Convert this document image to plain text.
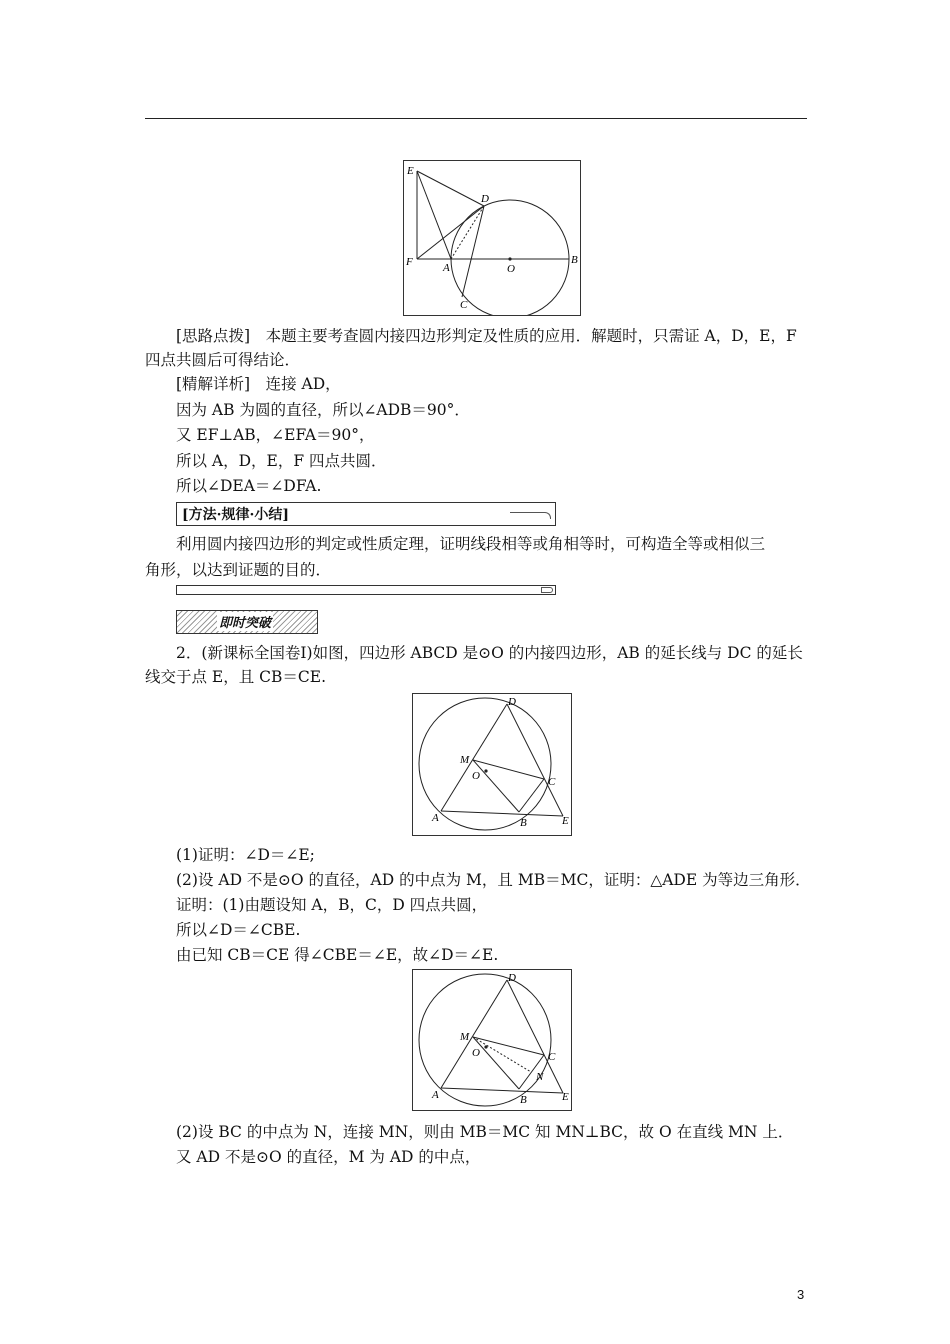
E
D
F	A	O
B
C
[思路点拨]　本题主要考查圆内接四边形判定及性质的应用．解题时，只需证 A，D，E，F
四点共圆后可得结论．
[精解详析]　连接 AD，
因为 AB 为圆的直径，所以∠ADB＝90°．
又 EF⊥AB，∠EFA＝90°，
所以 A，D，E，F 四点共圆．
所以∠DEA＝∠DFA.
[方法·规律·小结]
利用圆内接四边形的判定或性质定理，证明线段相等或角相等时，可构造全等或相似三
角形，以达到证题的目的．
即时突破
2．(新课标全国卷Ⅰ)如图，四边形 ABCD 是⊙O 的内接四边形，AB 的延长线与 DC 的延长
线交于点 E，且 CB＝CE.
D
M
O	C
A	B	E
(1)证明：∠D＝∠E;
(2)设 AD 不是⊙O 的直径，AD 的中点为 M，且 MB＝MC，证明：△ADE 为等边三角形．
证明：(1)由题设知 A，B，C，D 四点共圆，
所以∠D＝∠CBE.
由已知 CB＝CE 得∠CBE＝∠E，故∠D＝∠E.
D
M
O	C
N
A	B	E
(2)设 BC 的中点为 N，连接 MN，则由 MB＝MC 知 MN⊥BC，故 O 在直线 MN 上．
又 AD 不是⊙O 的直径，M 为 AD 的中点，
3
